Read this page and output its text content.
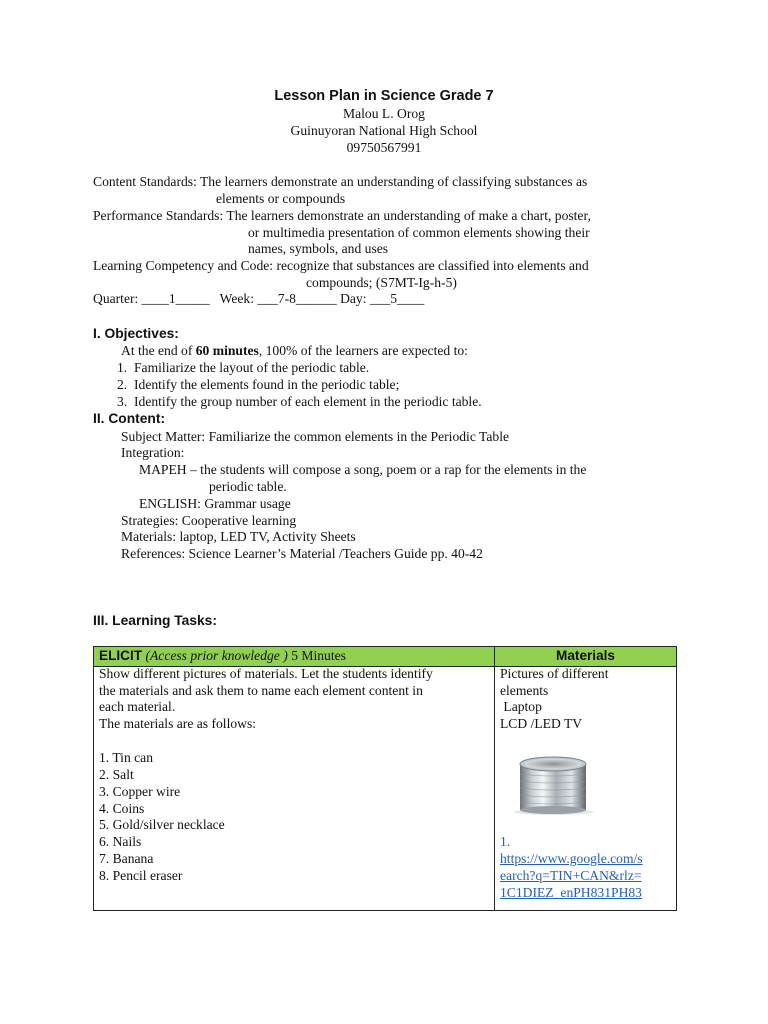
Lesson Plan in Science Grade 7
Malou L. Orog
Guinuyoran National High School
09750567991
Content Standards: The learners demonstrate an understanding of classifying substances as
elements or compounds
Performance Standards: The learners demonstrate an understanding of make a chart, poster,
or multimedia presentation of common elements showing their
names, symbols, and uses
Learning Competency and Code: recognize that substances are classified into elements and
compounds; (S7MT-Ig-h-5)
Quarter: ____1_____   Week: ___7-8______ Day: ___5____
I. Objectives:
At the end of 60 minutes, 100% of the learners are expected to:
1.  Familiarize the layout of the periodic table.
2.  Identify the elements found in the periodic table;
3.  Identify the group number of each element in the periodic table.
II. Content:
Subject Matter: Familiarize the common elements in the Periodic Table
Integration:
MAPEH – the students will compose a song, poem or a rap for the elements in the
periodic table.
ENGLISH: Grammar usage
Strategies: Cooperative learning
Materials: laptop, LED TV, Activity Sheets
References: Science Learner’s Material /Teachers Guide pp. 40-42
III. Learning Tasks:
ELICIT (Access prior knowledge ) 5 Minutes	Materials
Show different pictures of materials. Let the students identify
the materials and ask them to name each element content in
each material.
The materials are as follows:
1. Tin can
2. Salt
3. Copper wire
4. Coins
5. Gold/silver necklace
6. Nails
7. Banana
8. Pencil eraser
Pictures of different
elements
Laptop
LCD /LED TV
1.
https://www.google.com/s
earch?q=TIN+CAN&rlz=
1C1DIEZ_enPH831PH83
